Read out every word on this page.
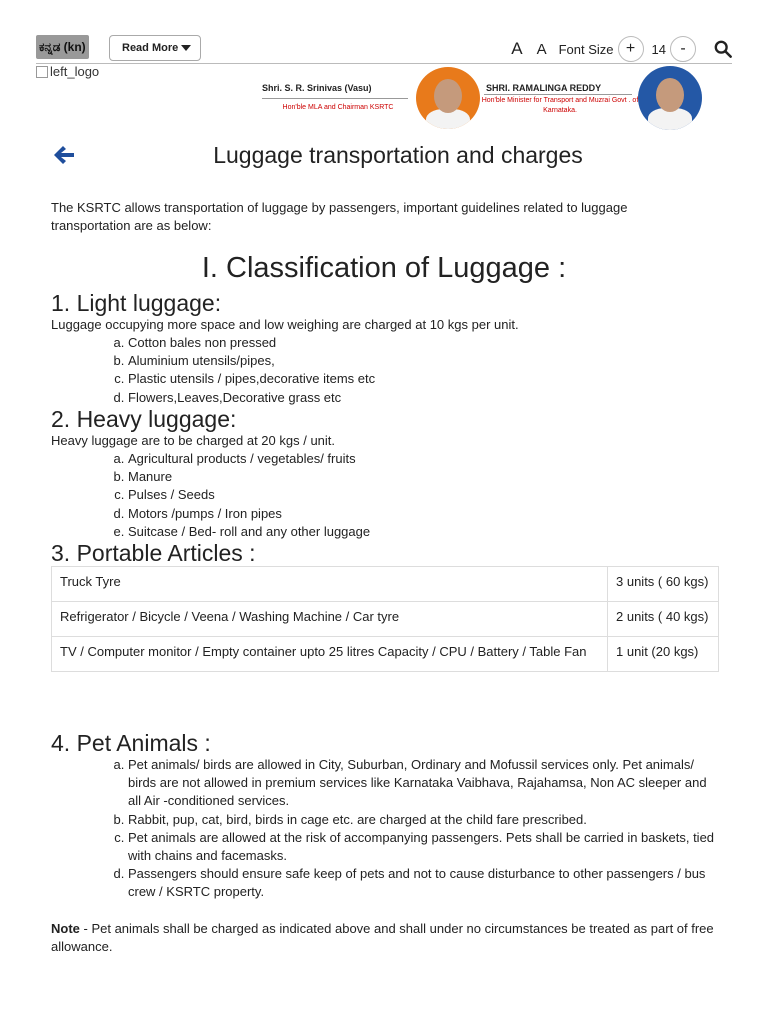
ಕನ್ನಡ (kn)	Read More	A A Font Size +	14 -
left_logo
Shri. S. R. Srinivas (Vasu)
Hon'ble MLA and Chairman KSRTC
SHRI. RAMALINGA REDDY
Hon'ble Minister for Transport and Muzrai Govt . of Karnataka.
Luggage transportation and charges
The KSRTC allows transportation of luggage by passengers, important guidelines related to luggage transportation are as below:
I. Classification of Luggage :
1. Light luggage:
Luggage occupying more space and low weighing are charged at 10 kgs per unit.
a. Cotton bales non pressed
b. Aluminium utensils/pipes,
c. Plastic utensils / pipes,decorative items etc
d. Flowers,Leaves,Decorative grass etc
2. Heavy luggage:
Heavy luggage are to be charged at 20 kgs / unit.
a. Agricultural products / vegetables/ fruits
b. Manure
c. Pulses / Seeds
d. Motors /pumps / Iron pipes
e. Suitcase / Bed- roll and any other luggage
3. Portable Articles :
Truck Tyre	3 units ( 60 kgs)
Refrigerator / Bicycle / Veena / Washing Machine / Car tyre	2 units ( 40 kgs)
TV / Computer monitor / Empty container upto 25 litres Capacity / CPU / Battery / Table Fan	1 unit (20 kgs)
4. Pet Animals :
a. Pet animals/ birds are allowed in City, Suburban, Ordinary and Mofussil services only. Pet animals/ birds are not allowed in premium services like Karnataka Vaibhava, Rajahamsa, Non AC sleeper and all Air -conditioned services.
b. Rabbit, pup, cat, bird, birds in cage etc. are charged at the child fare prescribed.
c. Pet animals are allowed at the risk of accompanying passengers. Pets shall be carried in baskets, tied with chains and facemasks.
d. Passengers should ensure safe keep of pets and not to cause disturbance to other passengers / bus crew / KSRTC property.
Note - Pet animals shall be charged as indicated above and shall under no circumstances be treated as part of free allowance.
